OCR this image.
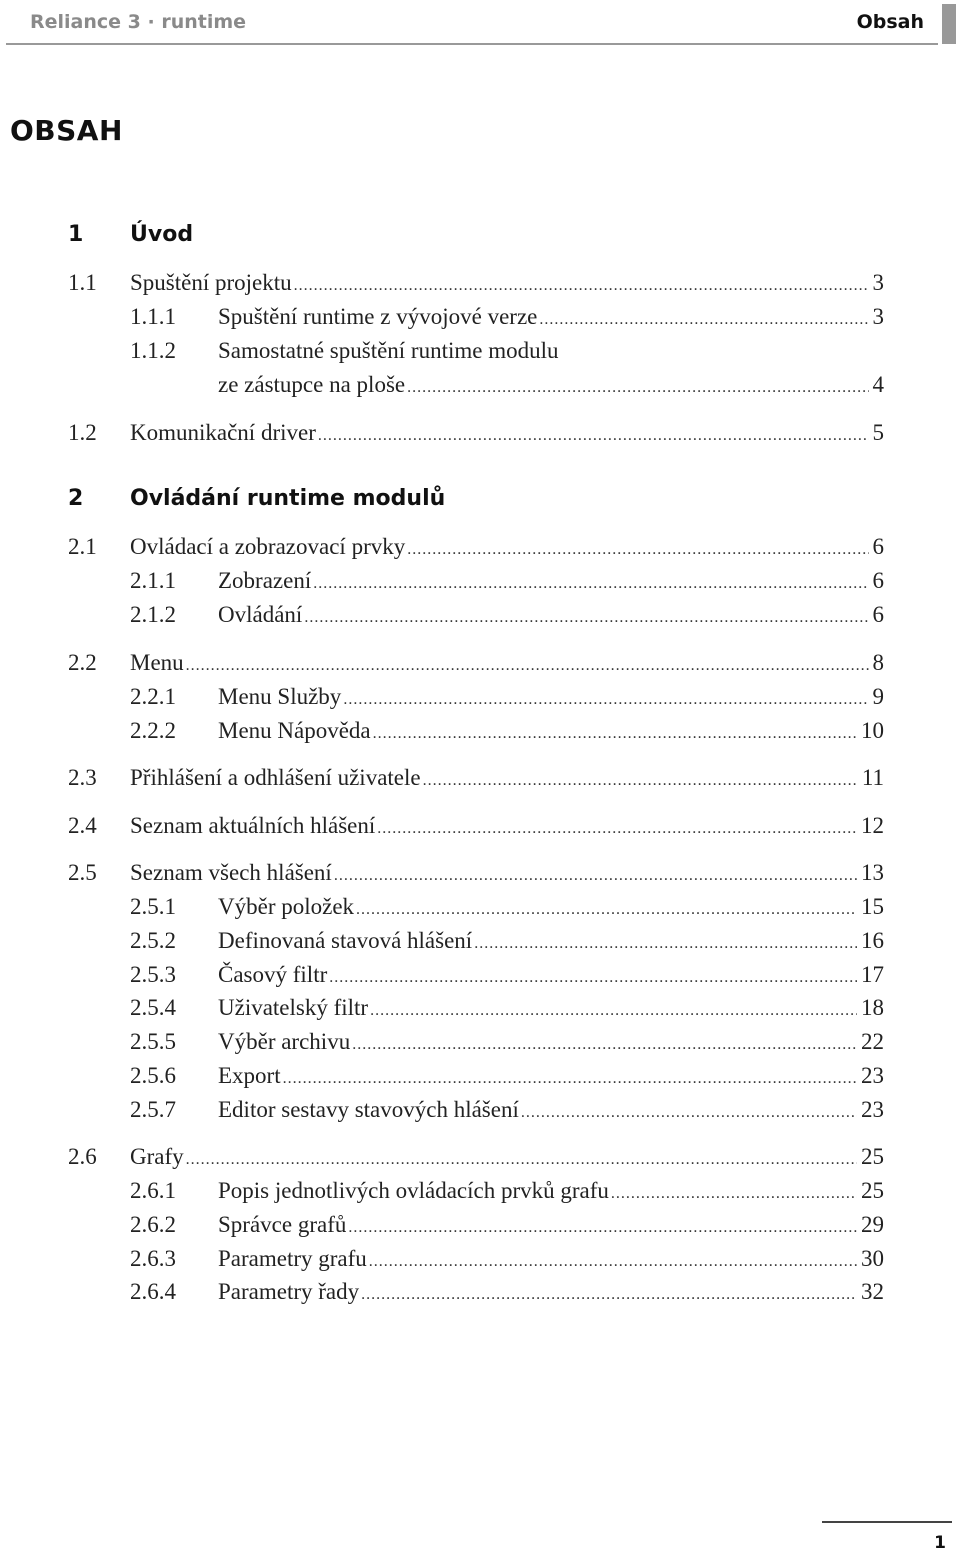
Reliance 3 · runtime	Obsah
OBSAH
1 Úvod
1.1 Spuštění projektu .....	3
1.1.1 Spuštění runtime z vývojové verze .....	3
1.1.2 Samostatné spuštění runtime modulu
ze zástupce na ploše .....	4
1.2 Komunikační driver .....	5
2 Ovládání runtime modulů
2.1 Ovládací a zobrazovací prvky .....	6
2.1.1 Zobrazení .....	6
2.1.2 Ovládání .....	6
2.2 Menu .....	8
2.2.1 Menu Služby .....	9
2.2.2 Menu Nápověda .....	10
2.3 Přihlášení a odhlášení uživatele .....	11
2.4 Seznam aktuálních hlášení .....	12
2.5 Seznam všech hlášení .....	13
2.5.1 Výběr položek .....	15
2.5.2 Definovaná stavová hlášení .....	16
2.5.3 Časový filtr .....	17
2.5.4 Uživatelský filtr .....	18
2.5.5 Výběr archivu .....	22
2.5.6 Export .....	23
2.5.7 Editor sestavy stavových hlášení .....	23
2.6 Grafy .....	25
2.6.1 Popis jednotlivých ovládacích prvků grafu .....	25
2.6.2 Správce grafů .....	29
2.6.3 Parametry grafu .....	30
2.6.4 Parametry řady .....	32
1
